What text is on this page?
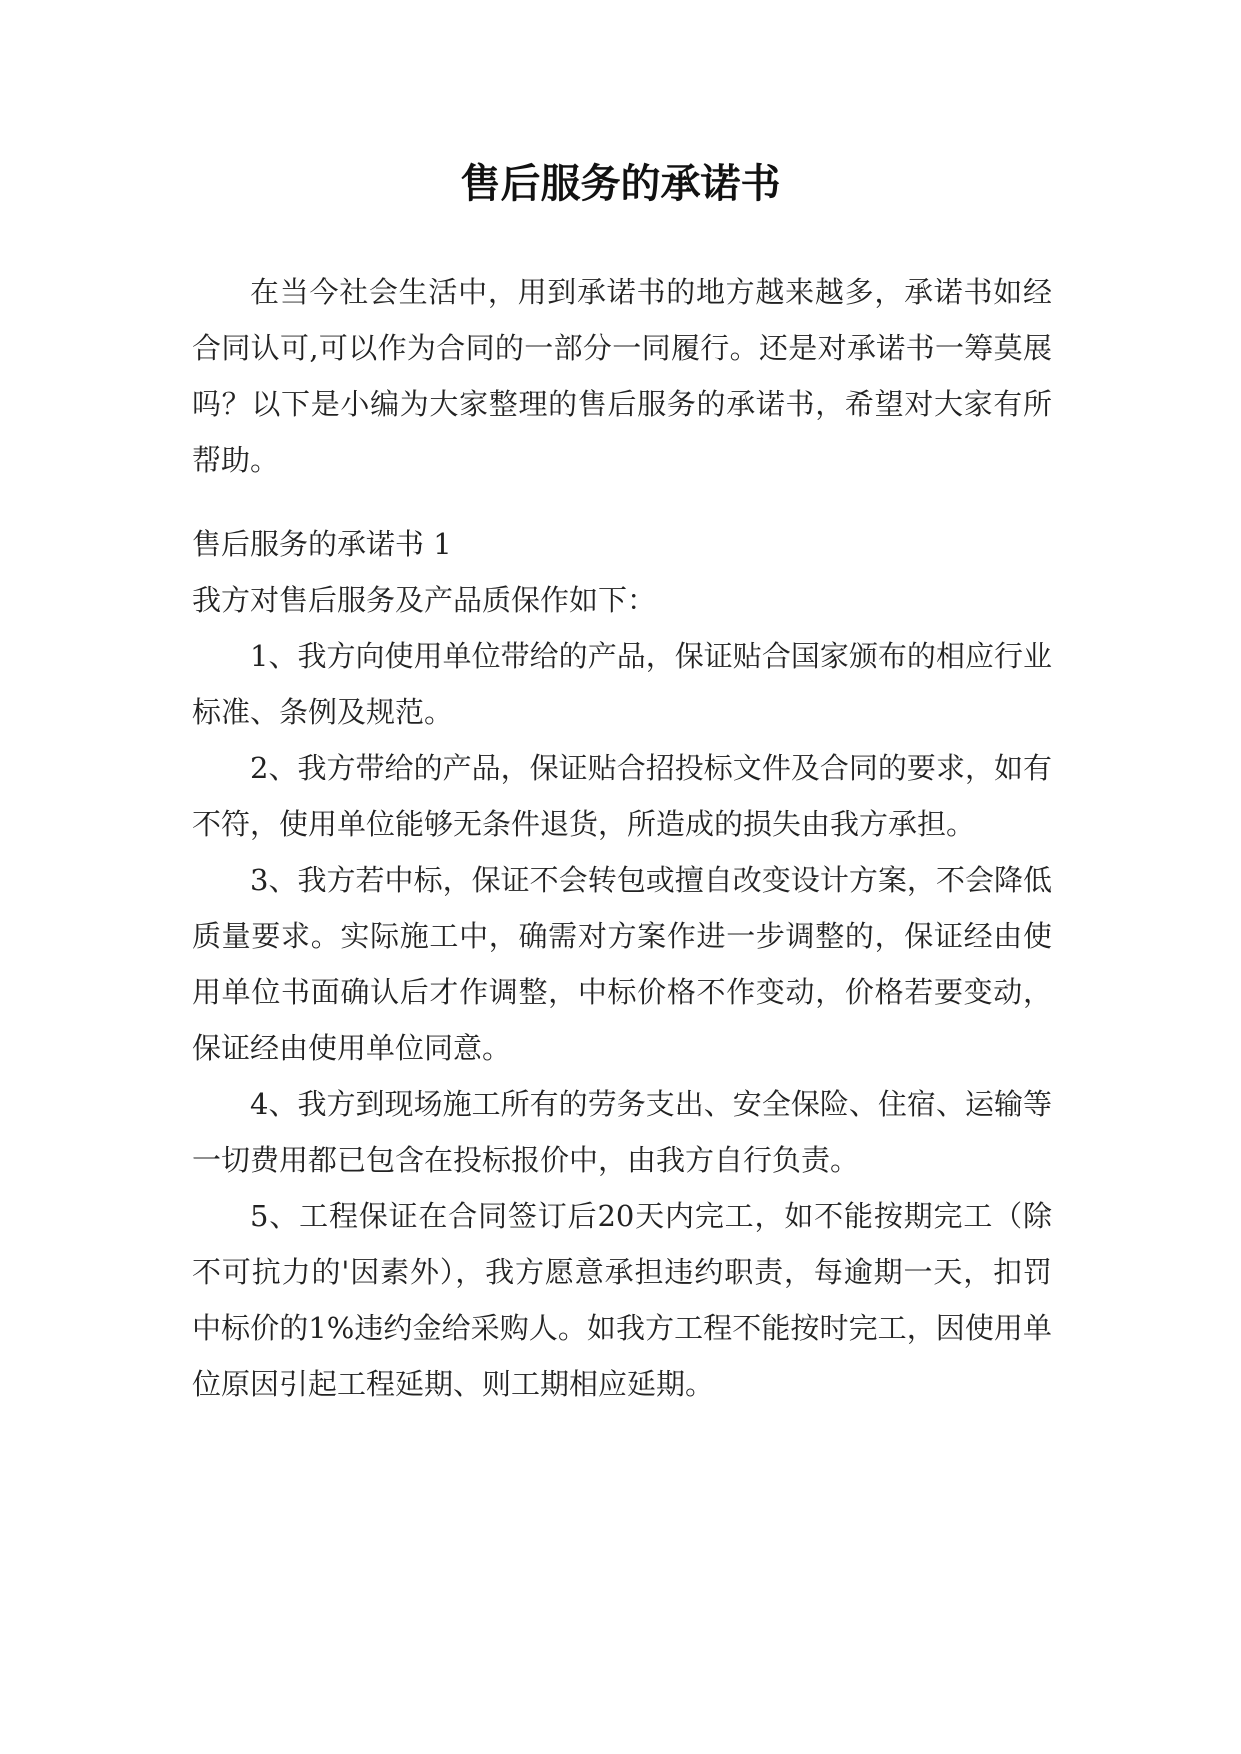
售后服务的承诺书

在当今社会生活中，用到承诺书的地方越来越多，承诺书如经合同认可,可以作为合同的一部分一同履行。还是对承诺书一筹莫展吗？以下是小编为大家整理的售后服务的承诺书，希望对大家有所帮助。

售后服务的承诺书 1

我方对售后服务及产品质保作如下：

1、我方向使用单位带给的产品，保证贴合国家颁布的相应行业标准、条例及规范。

2、我方带给的产品，保证贴合招投标文件及合同的要求，如有不符，使用单位能够无条件退货，所造成的损失由我方承担。

3、我方若中标，保证不会转包或擅自改变设计方案，不会降低质量要求。实际施工中，确需对方案作进一步调整的，保证经由使用单位书面确认后才作调整，中标价格不作变动，价格若要变动，保证经由使用单位同意。

4、我方到现场施工所有的劳务支出、安全保险、住宿、运输等一切费用都已包含在投标报价中，由我方自行负责。

5、工程保证在合同签订后20天内完工，如不能按期完工（除不可抗力的'因素外），我方愿意承担违约职责，每逾期一天，扣罚中标价的1%违约金给采购人。如我方工程不能按时完工，因使用单位原因引起工程延期、则工期相应延期。
